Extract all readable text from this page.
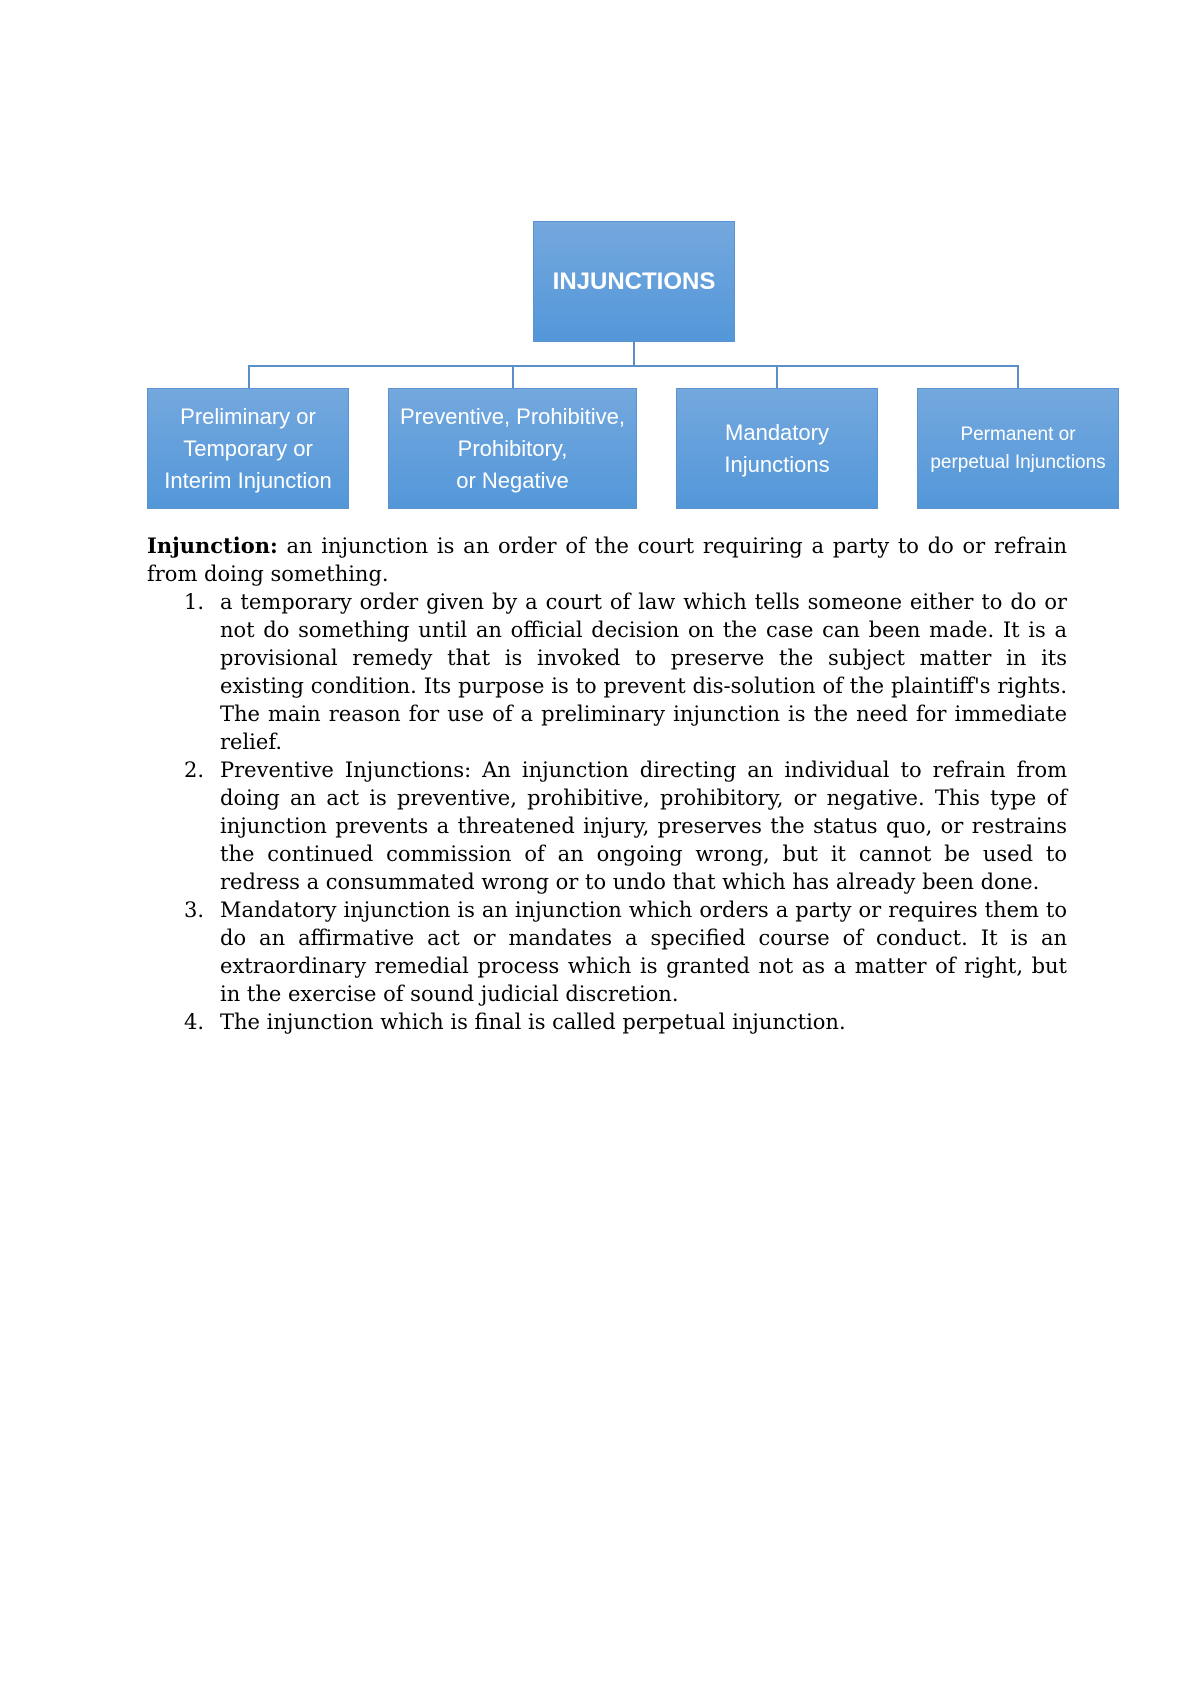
INJUNCTIONS
Preliminary or
Temporary or
Interim Injunction
Preventive, Prohibitive,
Prohibitory,
or Negative
Mandatory
Injunctions
Permanent or
perpetual Injunctions

Injunction: an injunction is an order of the court requiring a party to do or refrain from doing something.

1. a temporary order given by a court of law which tells someone either to do or not do something until an official decision on the case can been made. It is a provisional remedy that is invoked to preserve the subject matter in its existing condition. Its purpose is to prevent dis-solution of the plaintiff's rights. The main reason for use of a preliminary injunction is the need for immediate relief.
2. Preventive Injunctions: An injunction directing an individual to refrain from doing an act is preventive, prohibitive, prohibitory, or negative. This type of injunction prevents a threatened injury, preserves the status quo, or restrains the continued commission of an ongoing wrong, but it cannot be used to redress a consummated wrong or to undo that which has already been done.
3. Mandatory injunction is an injunction which orders a party or requires them to do an affirmative act or mandates a specified course of conduct. It is an extraordinary remedial process which is granted not as a matter of right, but in the exercise of sound judicial discretion.
4. The injunction which is final is called perpetual injunction.
